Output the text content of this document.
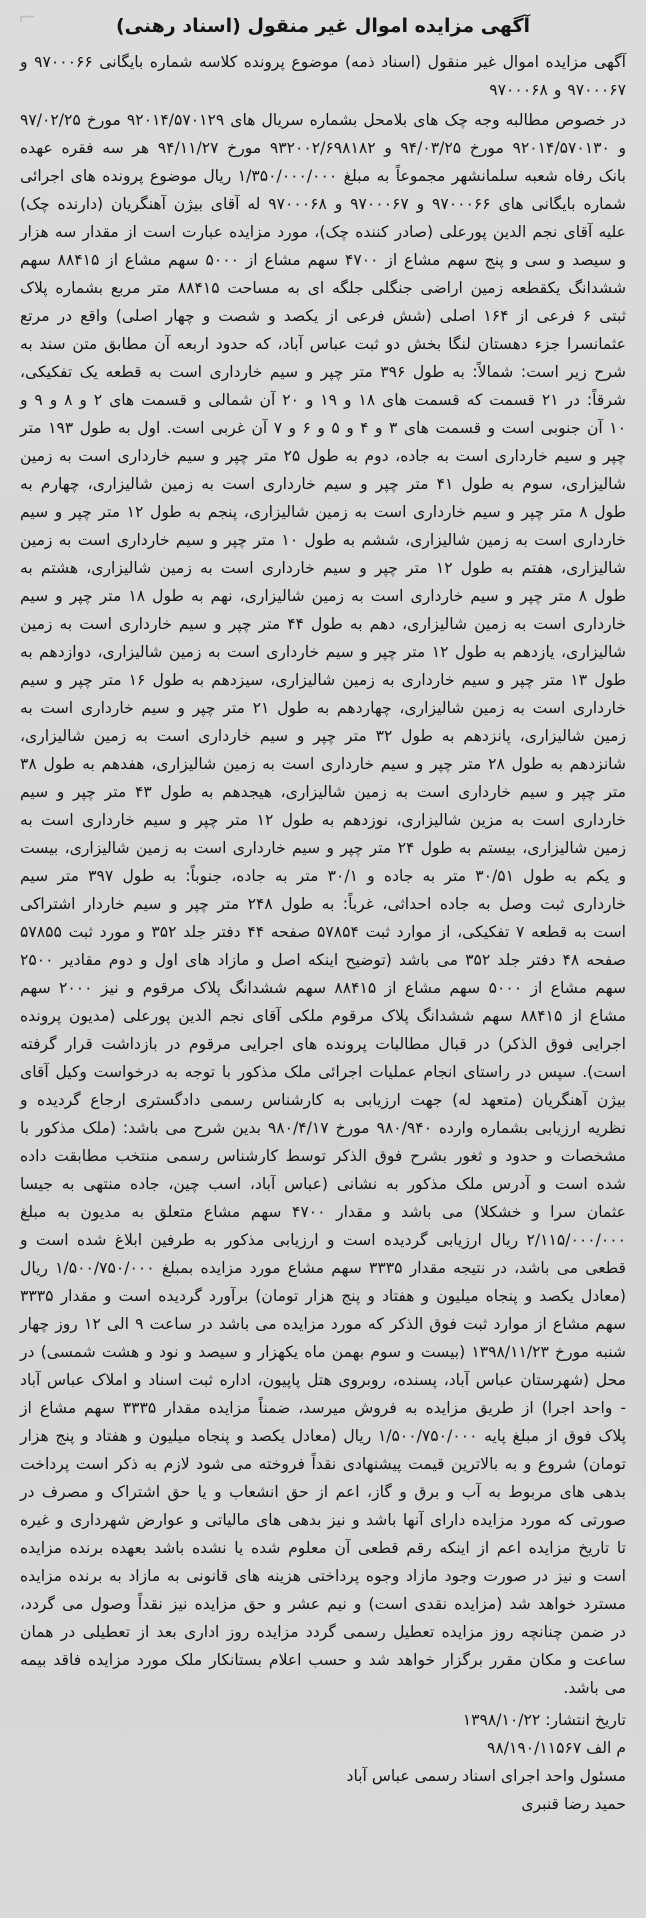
⌐	آگهی مزایده اموال غیر منقول (اسناد رهنی)

آگهی مزایده اموال غیر منقول (اسناد ذمه) موضوع پرونده کلاسه شماره بایگانی ۹۷۰۰۰۶۶ و ۹۷۰۰۰۶۷ و ۹۷۰۰۰۶۸

در خصوص مطالبه وجه چک های بلامحل بشماره سریال های ۹۲۰۱۴/۵۷۰۱۲۹ مورخ ۹۷/۰۲/۲۵ و ۹۲۰۱۴/۵۷۰۱۳۰ مورخ ۹۴/۰۳/۲۵ و ۹۳۲۰۰۲/۶۹۸۱۸۲ مورخ ۹۴/۱۱/۲۷ هر سه فقره عهده بانک رفاه شعبه سلمانشهر مجموعاً به مبلغ ۱/۳۵۰/۰۰۰/۰۰۰ ریال موضوع پرونده های اجرائی شماره بایگانی های ۹۷۰۰۰۶۶ و ۹۷۰۰۰۶۷ و ۹۷۰۰۰۶۸ له آقای بیژن آهنگریان (دارنده چک) علیه آقای نجم الدین پورعلی (صادر کننده چک)، مورد مزایده عبارت است از مقدار سه هزار و سیصد و سی و پنج سهم مشاع از ۴۷۰۰ سهم مشاع از ۵۰۰۰ سهم مشاع از ۸۸۴۱۵ سهم ششدانگ یکقطعه زمین اراضی جنگلی جلگه ای به مساحت ۸۸۴۱۵ متر مربع بشماره پلاک ثبتی ۶ فرعی از ۱۶۴ اصلی (شش فرعی از یکصد و شصت و چهار اصلی) واقع در مرتع عثمانسرا جزء دهستان لنگا بخش دو ثبت عباس آباد، که حدود اربعه آن مطابق متن سند به شرح زیر است: شمالاً: به طول ۳۹۶ متر چپر و سیم خارداری است به قطعه یک تفکیکی، شرقاً: در ۲۱ قسمت که قسمت های ۱۸ و ۱۹ و ۲۰ آن شمالی و قسمت های ۲ و ۸ و ۹ و ۱۰ آن جنوبی است و قسمت های ۳ و ۴ و ۵ و ۶ و ۷ آن غربی است. اول به طول ۱۹۳ متر چپر و سیم خارداری است به جاده، دوم به طول ۲۵ متر چپر و سیم خارداری است به زمین شالیزاری، سوم به طول ۴۱ متر چپر و سیم خارداری است به زمین شالیزاری، چهارم به طول ۸ متر چپر و سیم خارداری است به زمین شالیزاری، پنجم به طول ۱۲ متر چپر و سیم خارداری است به زمین شالیزاری، ششم به طول ۱۰ متر چپر و سیم خارداری است به زمین شالیزاری، هفتم به طول ۱۲ متر چپر و سیم خارداری است به زمین شالیزاری، هشتم به طول ۸ متر چپر و سیم خارداری است به زمین شالیزاری، نهم به طول ۱۸ متر چپر و سیم خارداری است به زمین شالیزاری، دهم به طول ۴۴ متر چپر و سیم خارداری است به زمین شالیزاری، یازدهم به طول ۱۲ متر چپر و سیم خارداری است به زمین شالیزاری، دوازدهم به طول ۱۳ متر چپر و سیم خارداری به زمین شالیزاری، سیزدهم به طول ۱۶ متر چپر و سیم خارداری است به زمین شالیزاری، چهاردهم به طول ۲۱ متر چپر و سیم خارداری است به زمین شالیزاری، پانزدهم به طول ۳۲ متر چپر و سیم خارداری است به زمین شالیزاری، شانزدهم به طول ۲۸ متر چپر و سیم خارداری است به زمین شالیزاری، هفدهم به طول ۳۸ متر چپر و سیم خارداری است به زمین شالیزاری، هیجدهم به طول ۴۳ متر چپر و سیم خارداری است به مزین شالیزاری، نوزدهم به طول ۱۲ متر چپر و سیم خارداری است به زمین شالیزاری، بیستم به طول ۲۴ متر چپر و سیم خارداری است به زمین شالیزاری، بیست و یکم به طول ۳۰/۵۱ متر به جاده و ۳۰/۱ متر به جاده، جنوباً: به طول ۳۹۷ متر سیم خارداری ثبت وصل به جاده احداثی، غرباً: به طول ۲۴۸ متر چپر و سیم خاردار اشتراکی است به قطعه ۷ تفکیکی، از موارد ثبت ۵۷۸۵۴ صفحه ۴۴ دفتر جلد ۳۵۲ و مورد ثبت ۵۷۸۵۵ صفحه ۴۸ دفتر جلد ۳۵۲ می باشد (توضیح اینکه اصل و مازاد های اول و دوم مقادیر ۲۵۰۰ سهم مشاع از ۵۰۰۰ سهم مشاع از ۸۸۴۱۵ سهم ششدانگ پلاک مرقوم و نیز ۲۰۰۰ سهم مشاع از ۸۸۴۱۵ سهم ششدانگ پلاک مرقوم ملکی آقای نجم الدین پورعلی (مدیون پرونده اجرایی فوق الذکر) در قبال مطالبات پرونده های اجرایی مرقوم در بازداشت قرار گرفته است). سپس در راستای انجام عملیات اجرائی ملک مذکور با توجه به درخواست وکیل آقای بیژن آهنگریان (متعهد له) جهت ارزیابی به کارشناس رسمی دادگستری ارجاع گردیده و نظریه ارزیابی بشماره وارده ۹۸۰/۹۴۰ مورخ ۹۸۰/۴/۱۷ بدین شرح می باشد: (ملک مذکور با مشخصات و حدود و ثغور بشرح فوق الذکر توسط کارشناس رسمی منتخب مطابقت داده شده است و آدرس ملک مذکور به نشانی (عباس آباد، اسب چین، جاده منتهی به جیسا عثمان سرا و خشکلا) می باشد و مقدار ۴۷۰۰ سهم مشاع متعلق به مدیون به مبلغ ۲/۱۱۵/۰۰۰/۰۰۰ ریال ارزیابی گردیده است و ارزیابی مذکور به طرفین ابلاغ شده است و قطعی می باشد، در نتیجه مقدار ۳۳۳۵ سهم مشاع مورد مزایده بمبلغ ۱/۵۰۰/۷۵۰/۰۰۰ ریال (معادل یکصد و پنجاه میلیون و هفتاد و پنج هزار تومان) برآورد گردیده است و مقدار ۳۳۳۵ سهم مشاع از موارد ثبت فوق الذکر که مورد مزایده می باشد در ساعت ۹ الی ۱۲ روز چهار شنبه مورخ ۱۳۹۸/۱۱/۲۳ (بیست و سوم بهمن ماه یکهزار و سیصد و نود و هشت شمسی) در محل (شهرستان عباس آباد، پسنده، روبروی هتل پاپیون، اداره ثبت اسناد و املاک عباس آباد - واحد اجرا) از طریق مزایده به فروش میرسد، ضمناً مزایده مقدار ۳۳۳۵ سهم مشاع از پلاک فوق از مبلغ پایه ۱/۵۰۰/۷۵۰/۰۰۰ ریال (معادل یکصد و پنجاه میلیون و هفتاد و پنج هزار تومان) شروع و به بالاترین قیمت پیشنهادی نقداً فروخته می شود لازم به ذکر است پرداخت بدهی های مربوط به آب و برق و گاز، اعم از حق انشعاب و یا حق اشتراک و مصرف در صورتی که مورد مزایده دارای آنها باشد و نیز بدهی های مالیاتی و عوارض شهرداری و غیره تا تاریخ مزایده اعم از اینکه رقم قطعی آن معلوم شده یا نشده باشد بعهده برنده مزایده است و نیز در صورت وجود مازاد وجوه پرداختی هزینه های قانونی به مازاد به برنده مزایده مسترد خواهد شد (مزایده نقدی است) و نیم عشر و حق مزایده نیز نقداً وصول می گردد، در ضمن چنانچه روز مزایده تعطیل رسمی گردد مزایده روز اداری بعد از تعطیلی در همان ساعت و مکان مقرر برگزار خواهد شد و حسب اعلام بستانکار ملک مورد مزایده فاقد بیمه می باشد.

تاریخ انتشار: ۱۳۹۸/۱۰/۲۲
م الف ۹۸/۱۹۰/۱۱۵۶۷
مسئول واحد اجرای اسناد رسمی عباس آباد
حمید رضا قنبری
